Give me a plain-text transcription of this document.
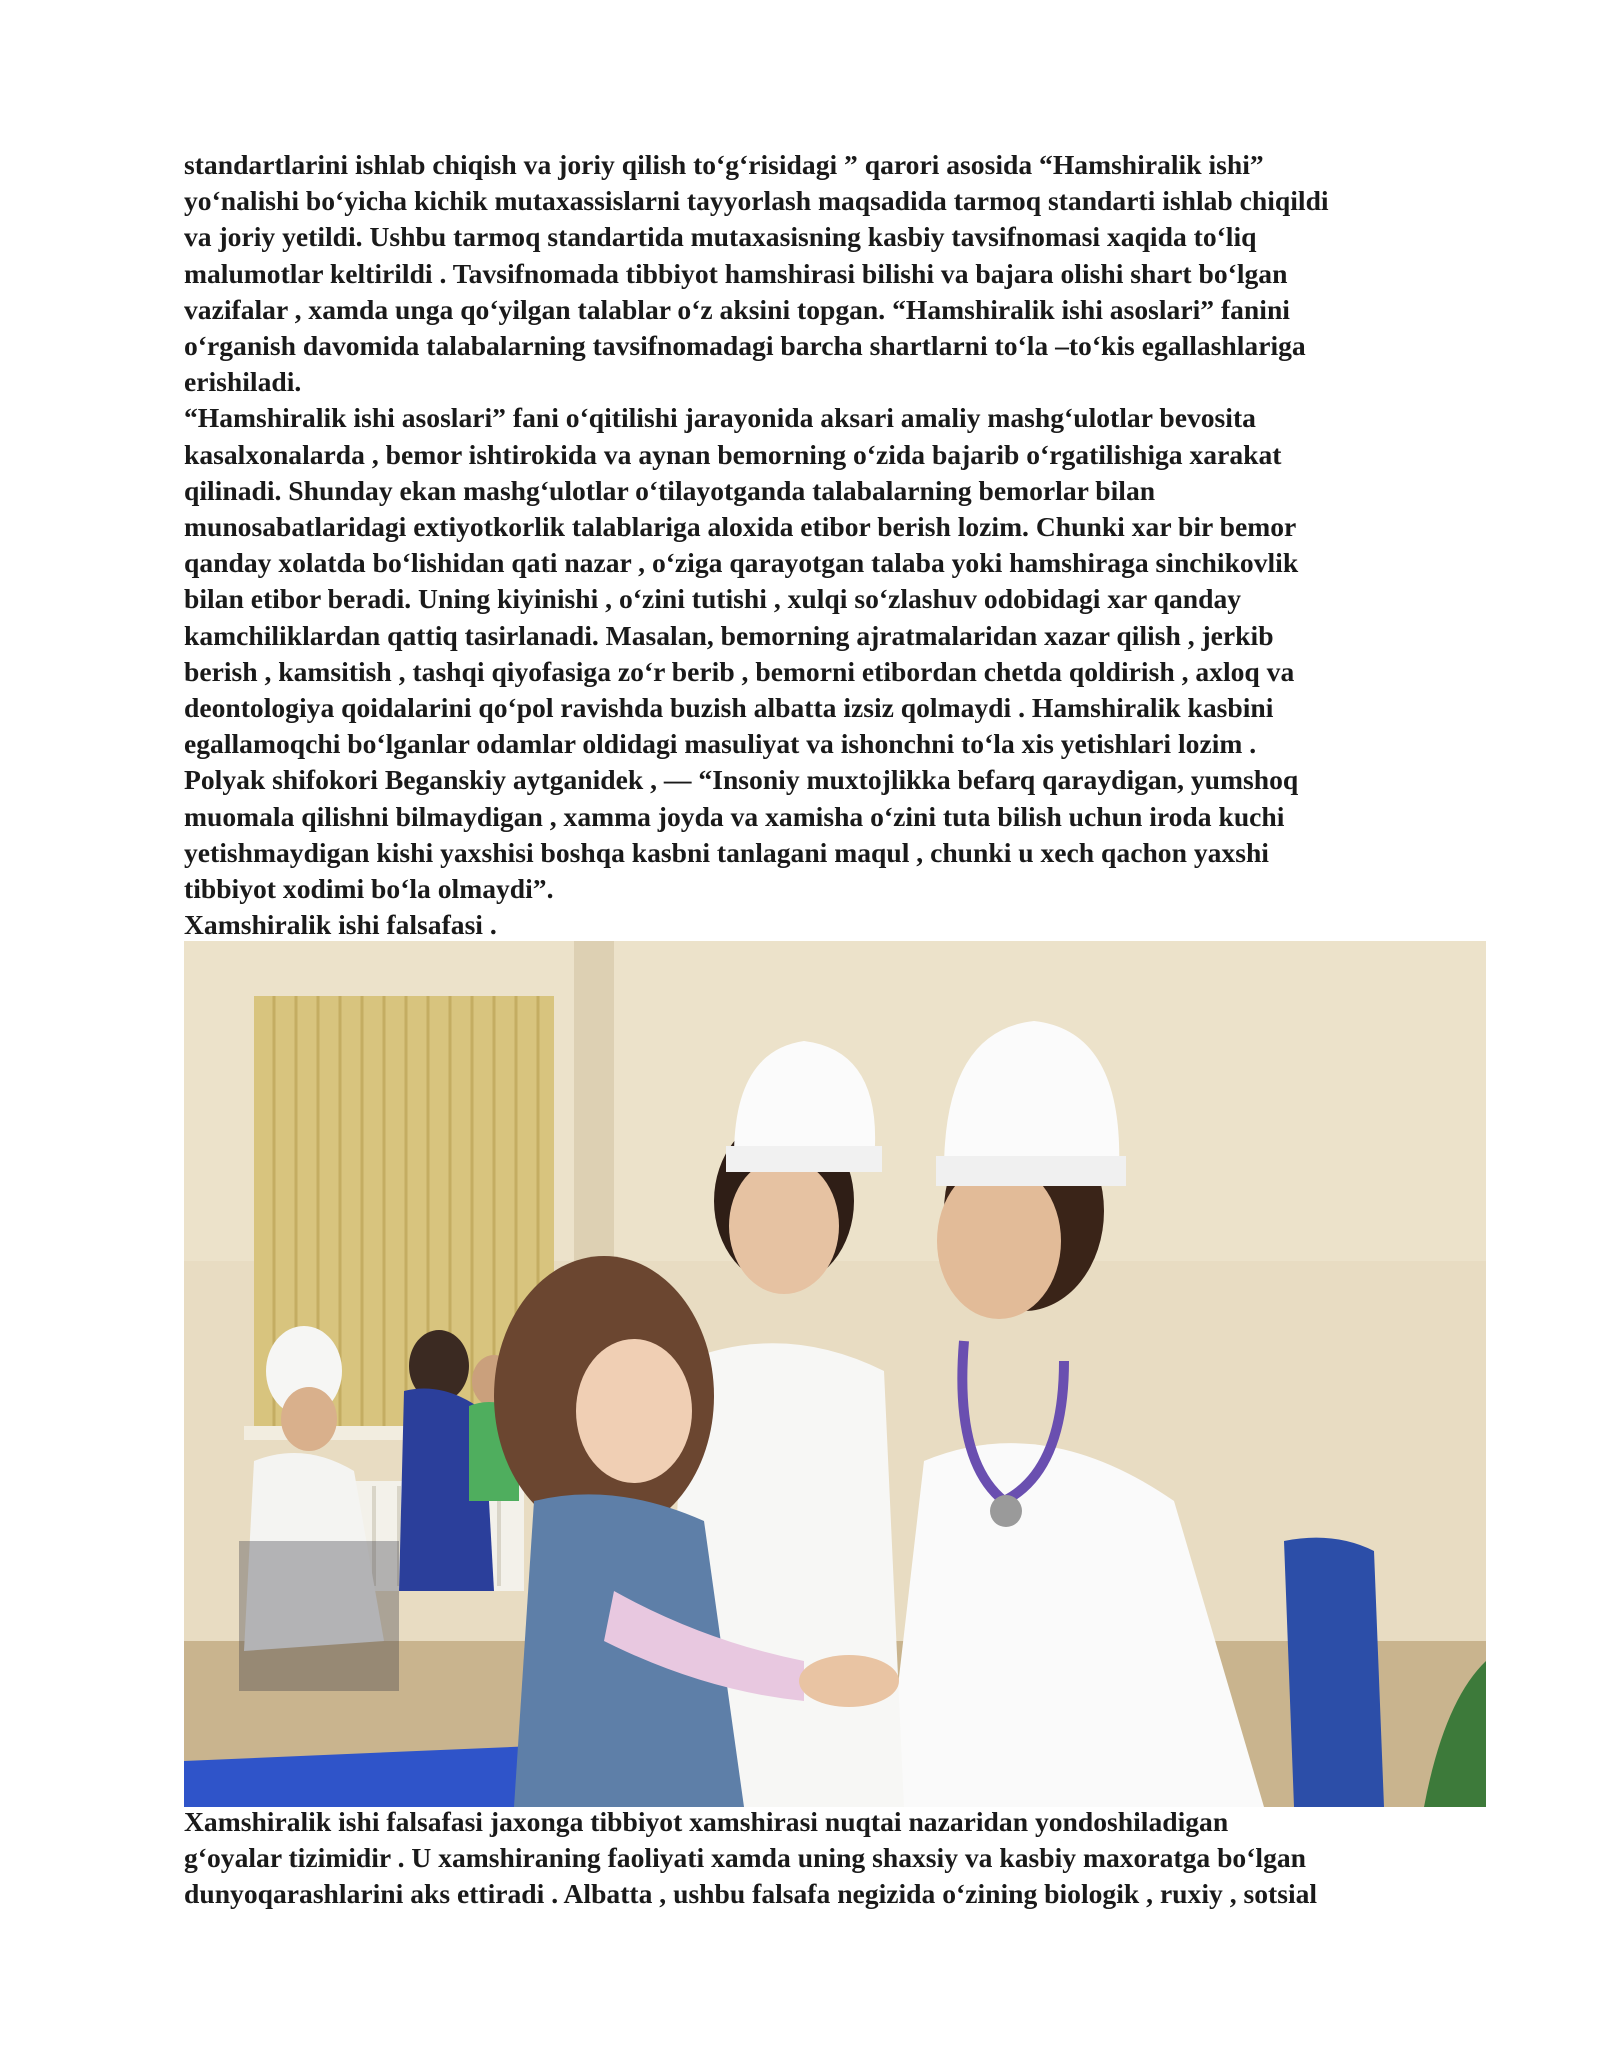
standartlarini ishlab chiqish va joriy qilish to‘g‘risidagi ” qarori asosida “Hamshiralik ishi”
yo‘nalishi bo‘yicha kichik mutaxassislarni tayyorlash maqsadida tarmoq standarti ishlab chiqildi
va joriy yetildi. Ushbu tarmoq standartida mutaxasisning kasbiy tavsifnomasi xaqida to‘liq
malumotlar keltirildi . Tavsifnomada tibbiyot hamshirasi bilishi va bajara olishi shart bo‘lgan
vazifalar , xamda unga qo‘yilgan talablar o‘z aksini topgan. “Hamshiralik ishi asoslari” fanini
o‘rganish davomida talabalarning tavsifnomadagi barcha shartlarni to‘la –to‘kis egallashlariga
erishiladi.
“Hamshiralik ishi asoslari” fani o‘qitilishi jarayonida aksari amaliy mashg‘ulotlar bevosita
kasalxonalarda , bemor ishtirokida va aynan bemorning o‘zida bajarib o‘rgatilishiga xarakat
qilinadi. Shunday ekan mashg‘ulotlar o‘tilayotganda talabalarning bemorlar bilan
munosabatlaridagi extiyotkorlik talablariga aloxida etibor berish lozim. Chunki xar bir bemor
qanday xolatda bo‘lishidan qati nazar , o‘ziga qarayotgan talaba yoki hamshiraga sinchikovlik
bilan etibor beradi. Uning kiyinishi , o‘zini tutishi , xulqi so‘zlashuv odobidagi xar qanday
kamchiliklardan qattiq tasirlanadi. Masalan, bemorning ajratmalaridan xazar qilish , jerkib
berish , kamsitish , tashqi qiyofasiga zo‘r berib , bemorni etibordan chetda qoldirish , axloq va
deontologiya qoidalarini qo‘pol ravishda buzish albatta izsiz qolmaydi . Hamshiralik kasbini
egallamoqchi bo‘lganlar odamlar oldidagi masuliyat va ishonchni to‘la xis yetishlari lozim .
Polyak shifokori Beganskiy aytganidek , — “Insoniy muxtojlikka befarq qaraydigan, yumshoq
muomala qilishni bilmaydigan , xamma joyda va xamisha o‘zini tuta bilish uchun iroda kuchi
yetishmaydigan kishi yaxshisi boshqa kasbni tanlagani maqul , chunki u xech qachon yaxshi
tibbiyot xodimi bo‘la olmaydi”.
Xamshiralik ishi falsafasi .
Xamshiralik ishi falsafasi jaxonga tibbiyot xamshirasi nuqtai nazaridan yondoshiladigan
g‘oyalar tizimidir . U xamshiraning faoliyati xamda uning shaxsiy va kasbiy maxoratga bo‘lgan
dunyoqarashlarini aks ettiradi . Albatta , ushbu falsafa negizida o‘zining biologik , ruxiy , sotsial
